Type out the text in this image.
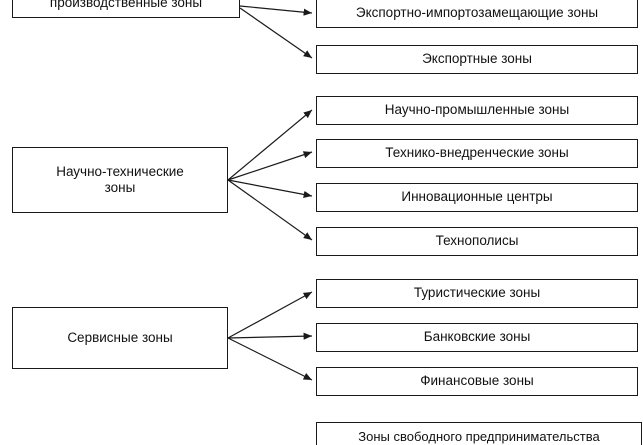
производственные зоны
Научно-технические
зоны
Сервисные зоны
Экспортно-импортозамещающие зоны
Экспортные зоны
Научно-промышленные зоны
Технико-внедренческие зоны
Инновационные центры
Технополисы
Туристические зоны
Банковские зоны
Финансовые зоны
Зоны свободного предпринимательства
